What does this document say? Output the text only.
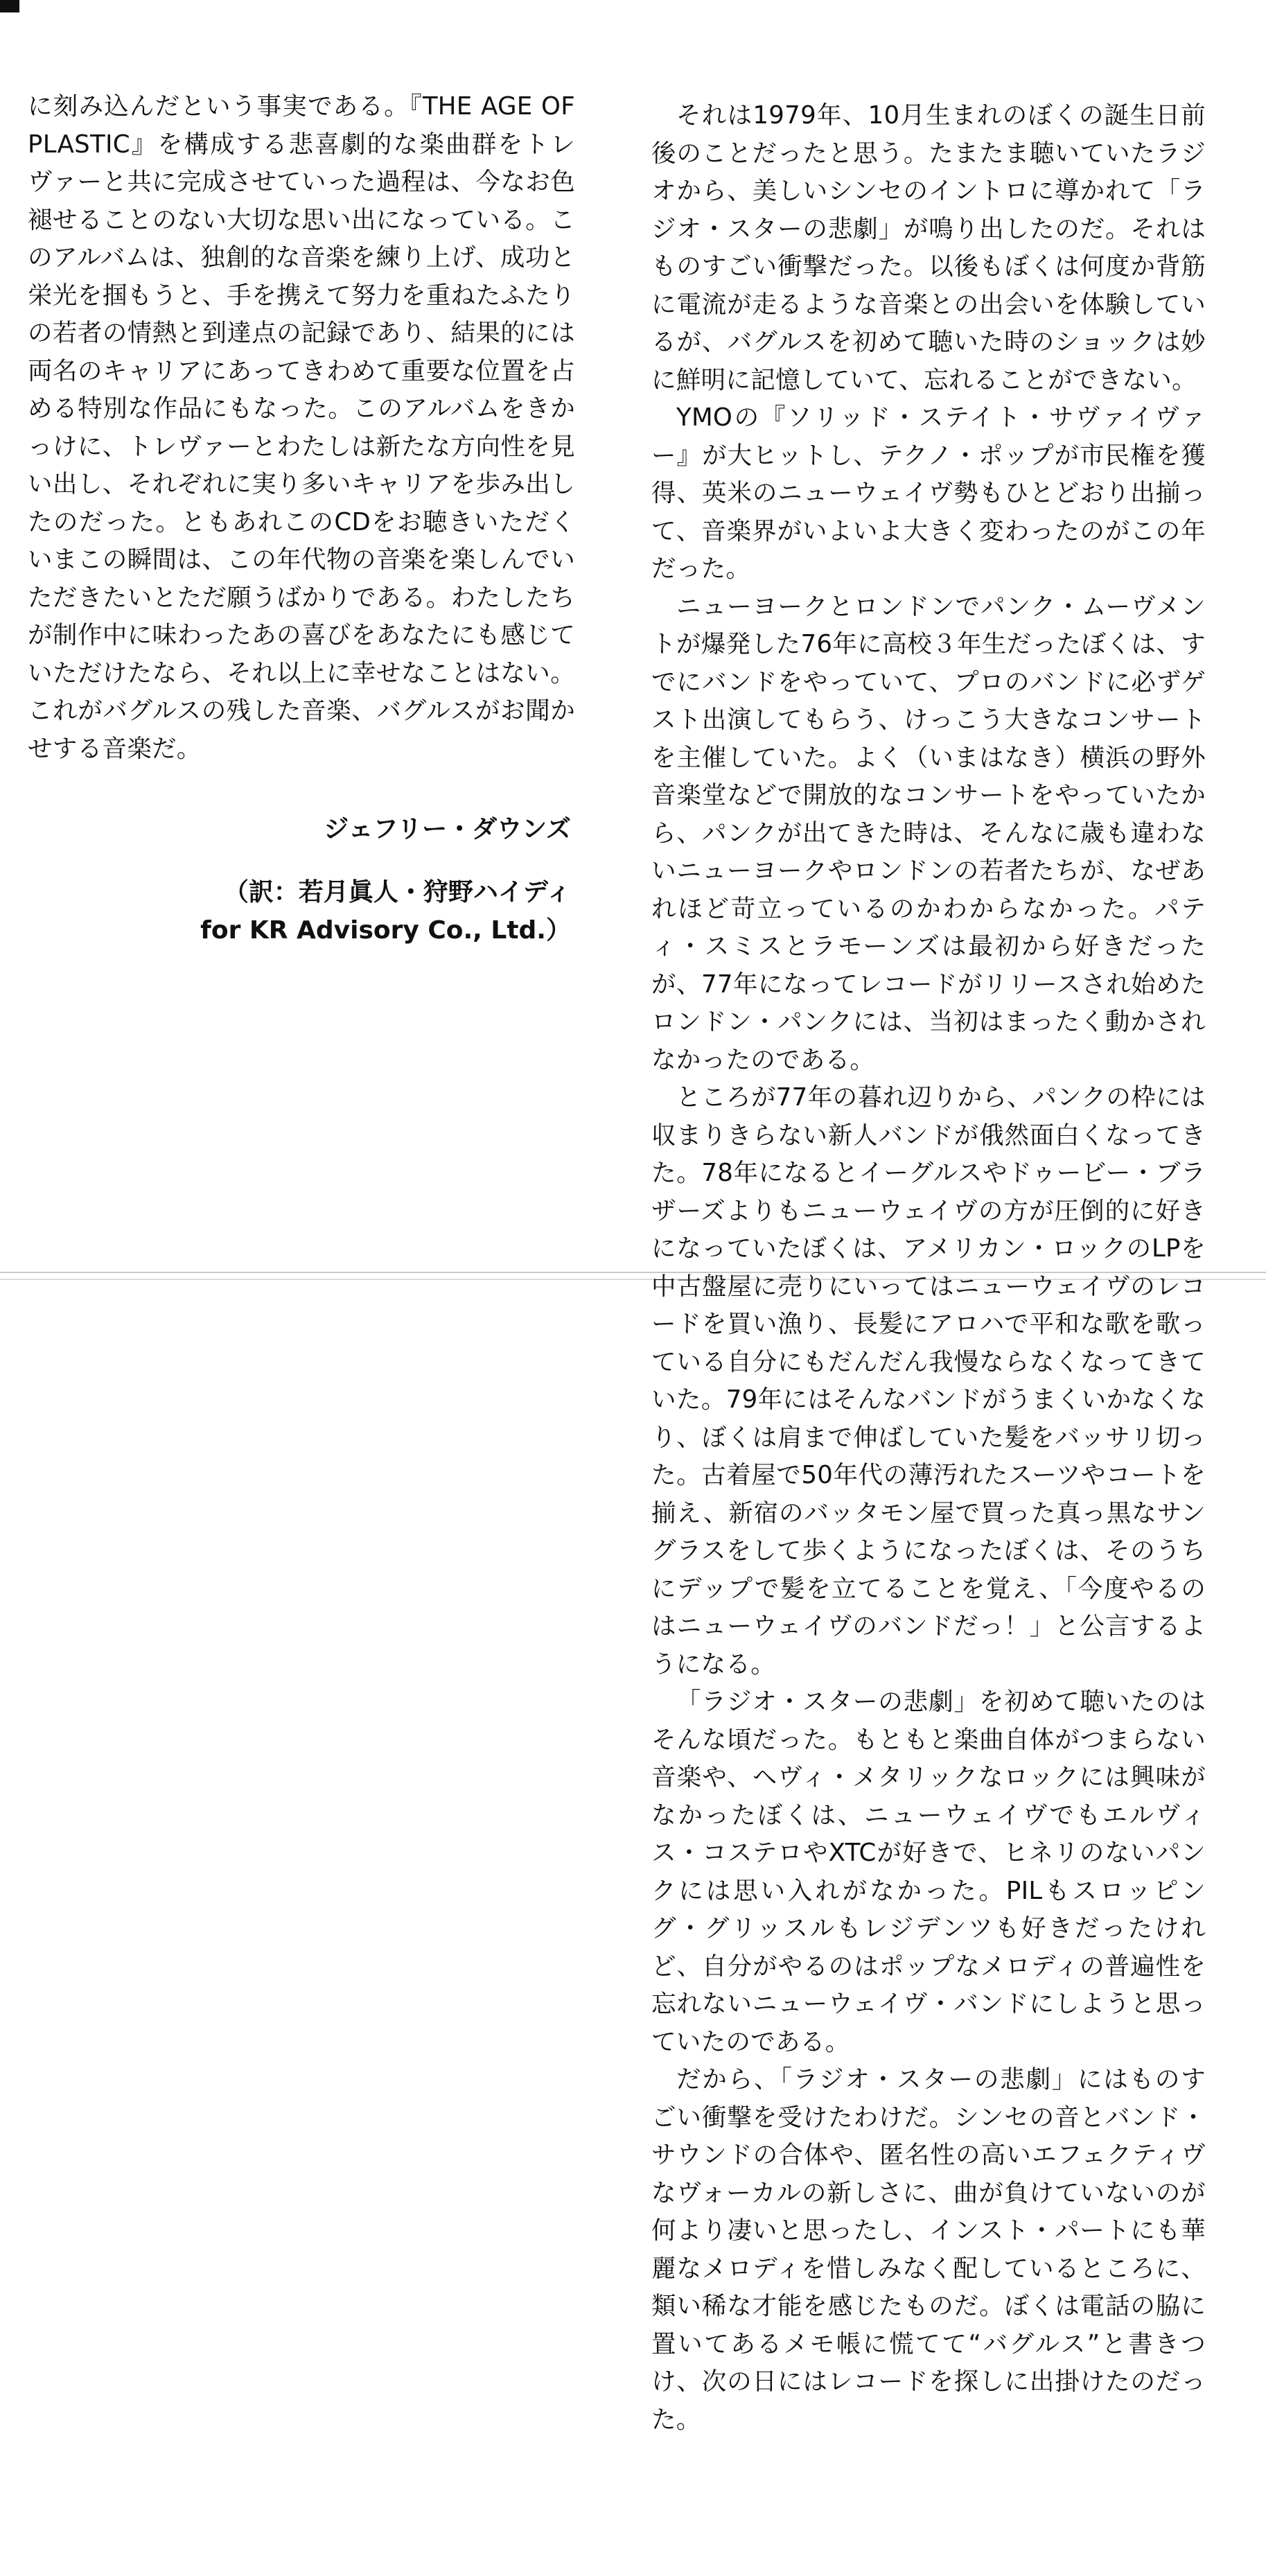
に刻み込んだという事実である。『THE AGE OF PLASTIC』を構成する悲喜劇的な楽曲群をトレヴァーと共に完成させていった過程は、今なお色褪せることのない大切な思い出になっている。このアルバムは、独創的な音楽を練り上げ、成功と栄光を掴もうと、手を携えて努力を重ねたふたりの若者の情熱と到達点の記録であり、結果的には両名のキャリアにあってきわめて重要な位置を占める特別な作品にもなった。このアルバムをきかっけに、トレヴァーとわたしは新たな方向性を見い出し、それぞれに実り多いキャリアを歩み出したのだった。ともあれこのCDをお聴きいただくいまこの瞬間は、この年代物の音楽を楽しんでいただきたいとただ願うばかりである。わたしたちが制作中に味わったあの喜びをあなたにも感じていただけたなら、それ以上に幸せなことはない。これがバグルスの残した音楽、バグルスがお聞かせする音楽だ。

ジェフリー・ダウンズ
（訳：若月眞人・狩野ハイディ
for KR Advisory Co., Ltd.）

それは1979年、10月生まれのぼくの誕生日前後のことだったと思う。たまたま聴いていたラジオから、美しいシンセのイントロに導かれて「ラジオ・スターの悲劇」が鳴り出したのだ。それはものすごい衝撃だった。以後もぼくは何度か背筋に電流が走るような音楽との出会いを体験しているが、バグルスを初めて聴いた時のショックは妙に鮮明に記憶していて、忘れることができない。

YMOの『ソリッド・ステイト・サヴァイヴァー』が大ヒットし、テクノ・ポップが市民権を獲得、英米のニューウェイヴ勢もひとどおり出揃って、音楽界がいよいよ大きく変わったのがこの年だった。

ニューヨークとロンドンでパンク・ムーヴメントが爆発した76年に高校３年生だったぼくは、すでにバンドをやっていて、プロのバンドに必ずゲスト出演してもらう、けっこう大きなコンサートを主催していた。よく（いまはなき）横浜の野外音楽堂などで開放的なコンサートをやっていたから、パンクが出てきた時は、そんなに歳も違わないニューヨークやロンドンの若者たちが、なぜあれほど苛立っているのかわからなかった。パティ・スミスとラモーンズは最初から好きだったが、77年になってレコードがリリースされ始めたロンドン・パンクには、当初はまったく動かされなかったのである。

ところが77年の暮れ辺りから、パンクの枠には収まりきらない新人バンドが俄然面白くなってきた。78年になるとイーグルスやドゥービー・ブラザーズよりもニューウェイヴの方が圧倒的に好きになっていたぼくは、アメリカン・ロックのLPを中古盤屋に売りにいってはニューウェイヴのレコードを買い漁り、長髪にアロハで平和な歌を歌っている自分にもだんだん我慢ならなくなってきていた。79年にはそんなバンドがうまくいかなくなり、ぼくは肩まで伸ばしていた髪をバッサリ切った。古着屋で50年代の薄汚れたスーツやコートを揃え、新宿のバッタモン屋で買った真っ黒なサングラスをして歩くようになったぼくは、そのうちにデップで髪を立てることを覚え、「今度やるのはニューウェイヴのバンドだっ！」と公言するようになる。

「ラジオ・スターの悲劇」を初めて聴いたのはそんな頃だった。もともと楽曲自体がつまらない音楽や、ヘヴィ・メタリックなロックには興味がなかったぼくは、ニューウェイヴでもエルヴィス・コステロやXTCが好きで、ヒネリのないパンクには思い入れがなかった。PILもスロッピング・グリッスルもレジデンツも好きだったけれど、自分がやるのはポップなメロディの普遍性を忘れないニューウェイヴ・バンドにしようと思っていたのである。

だから、「ラジオ・スターの悲劇」にはものすごい衝撃を受けたわけだ。シンセの音とバンド・サウンドの合体や、匿名性の高いエフェクティヴなヴォーカルの新しさに、曲が負けていないのが何より凄いと思ったし、インスト・パートにも華麗なメロディを惜しみなく配しているところに、類い稀な才能を感じたものだ。ぼくは電話の脇に置いてあるメモ帳に慌てて“バグルス”と書きつけ、次の日にはレコードを探しに出掛けたのだった。
